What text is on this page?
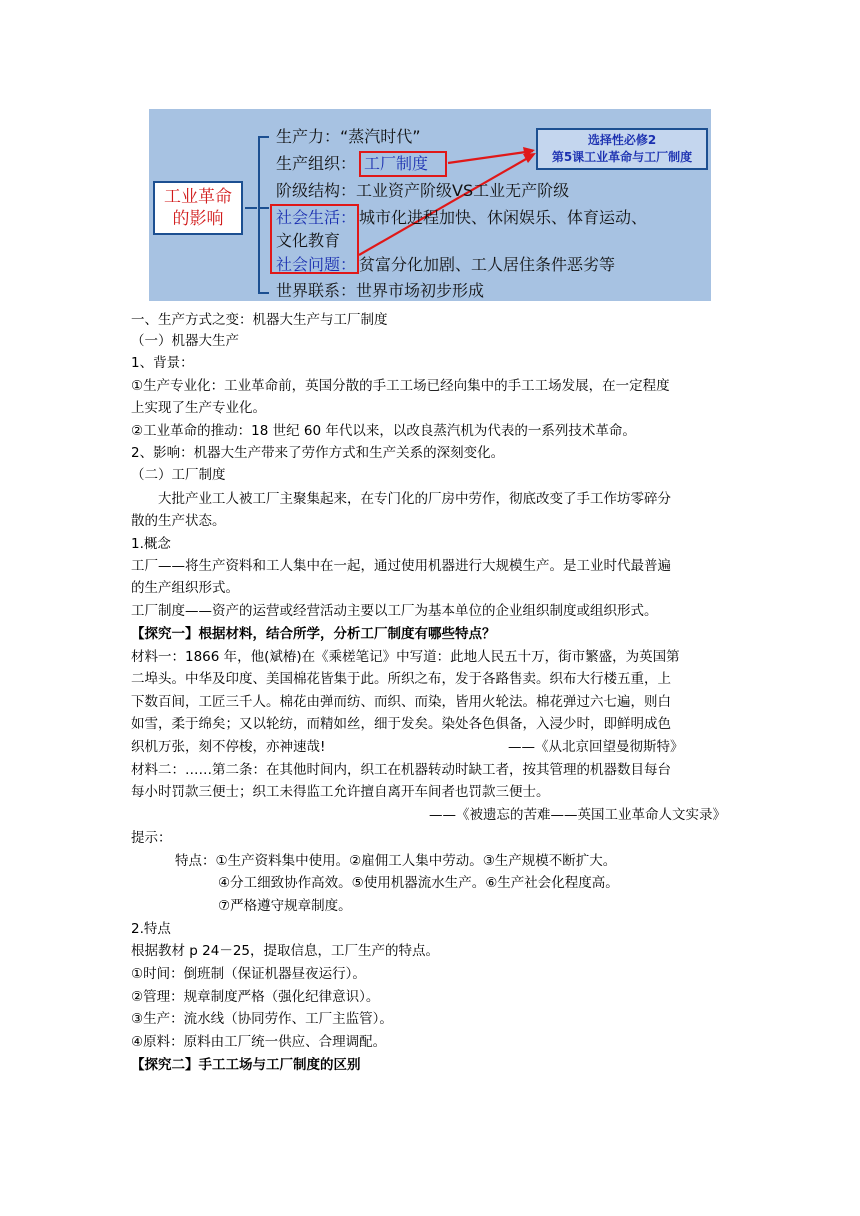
工业革命
的影响
生产力：“蒸汽时代”
生产组织： 工厂制度
阶级结构：工业资产阶级VS工业无产阶级
社会生活： 城市化进程加快、休闲娱乐、体育运动、
文化教育
社会问题： 贫富分化加剧、工人居住条件恶劣等
世界联系：世界市场初步形成
选择性必修2
第5课工业革命与工厂制度
一、生产方式之变：机器大生产与工厂制度
（一）机器大生产
1、背景：
①生产专业化：工业革命前，英国分散的手工工场已经向集中的手工工场发展，在一定程度
上实现了生产专业化。
②工业革命的推动：18 世纪 60 年代以来，以改良蒸汽机为代表的一系列技术革命。
2、影响：机器大生产带来了劳作方式和生产关系的深刻变化。
（二）工厂制度
大批产业工人被工厂主聚集起来，在专门化的厂房中劳作，彻底改变了手工作坊零碎分
散的生产状态。
1.概念
工厂——将生产资料和工人集中在一起，通过使用机器进行大规模生产。是工业时代最普遍
的生产组织形式。
工厂制度——资产的运营或经营活动主要以工厂为基本单位的企业组织制度或组织形式。
【探究一】根据材料，结合所学，分析工厂制度有哪些特点？
材料一：1866 年，他(斌椿)在《乘槎笔记》中写道：此地人民五十万，街市繁盛，为英国第
二埠头。中华及印度、美国棉花皆集于此。所织之布，发于各路售卖。织布大行楼五重，上
下数百间，工匠三千人。棉花由弹而纺、而织、而染，皆用火轮法。棉花弹过六七遍，则白
如雪，柔于绵矣；又以轮纺，而精如丝，细于发矣。染处各色俱备，入浸少时，即鲜明成色
织机万张，刻不停梭，亦神速哉!	——《从北京回望曼彻斯特》
材料二：……第二条：在其他时间内，织工在机器转动时缺工者，按其管理的机器数目每台
每小时罚款三便士；织工未得监工允许擅自离开车间者也罚款三便士。
——《被遗忘的苦难——英国工业革命人文实录》
提示：
特点：①生产资料集中使用。②雇佣工人集中劳动。③生产规模不断扩大。
④分工细致协作高效。⑤使用机器流水生产。⑥生产社会化程度高。
⑦严格遵守规章制度。
2.特点
根据教材 p 24－25，提取信息，工厂生产的特点。
①时间：倒班制（保证机器昼夜运行）。
②管理：规章制度严格（强化纪律意识）。
③生产：流水线（协同劳作、工厂主监管）。
④原料：原料由工厂统一供应、合理调配。
【探究二】手工工场与工厂制度的区别
